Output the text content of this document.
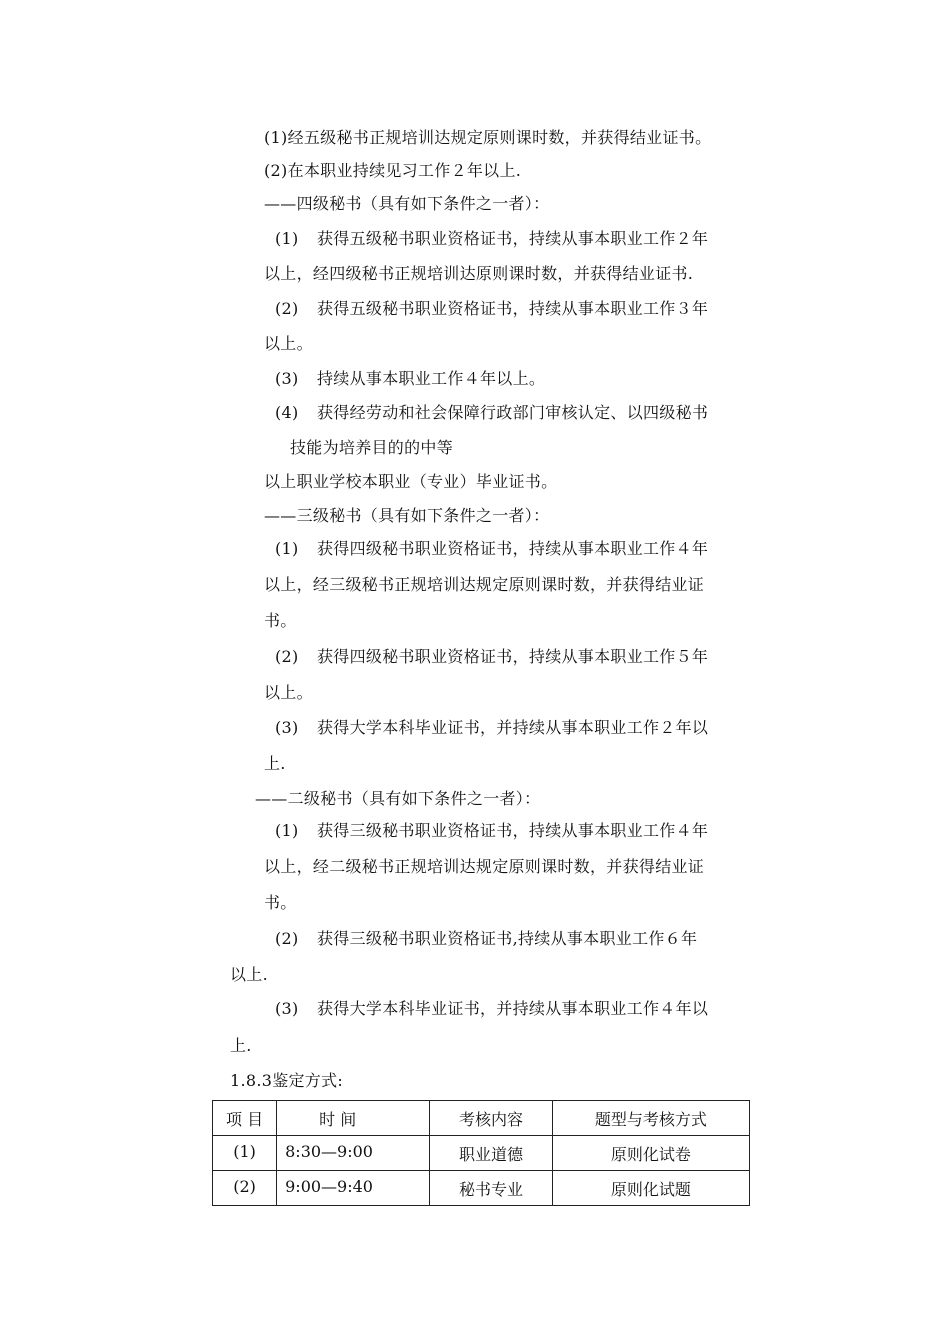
(1)经五级秘书正规培训达规定原则课时数，并获得结业证书。
(2)在本职业持续见习工作２年以上.
——四级秘书（具有如下条件之一者）：
(1) 获得五级秘书职业资格证书，持续从事本职业工作２年
以上，经四级秘书正规培训达原则课时数，并获得结业证书.
(2) 获得五级秘书职业资格证书，持续从事本职业工作３年
以上。
(3) 持续从事本职业工作４年以上。
(4) 获得经劳动和社会保障行政部门审核认定、以四级秘书
技能为培养目的的中等
以上职业学校本职业（专业）毕业证书。
——三级秘书（具有如下条件之一者）：
(1) 获得四级秘书职业资格证书，持续从事本职业工作４年
以上，经三级秘书正规培训达规定原则课时数，并获得结业证
书。
(2) 获得四级秘书职业资格证书，持续从事本职业工作５年
以上。
(3) 获得大学本科毕业证书，并持续从事本职业工作２年以
上.
——二级秘书（具有如下条件之一者）：
(1) 获得三级秘书职业资格证书，持续从事本职业工作４年
以上，经二级秘书正规培训达规定原则课时数，并获得结业证
书。
(2) 获得三级秘书职业资格证书,持续从事本职业工作６年
以上.
(3) 获得大学本科毕业证书，并持续从事本职业工作４年以
上.
1.8.3鉴定方式:
项 目	时 间	考核内容	题型与考核方式

(1)	8:30—9:00	职业道德	原则化试卷

(2)	9:00—9:40	秘书专业	原则化试题
